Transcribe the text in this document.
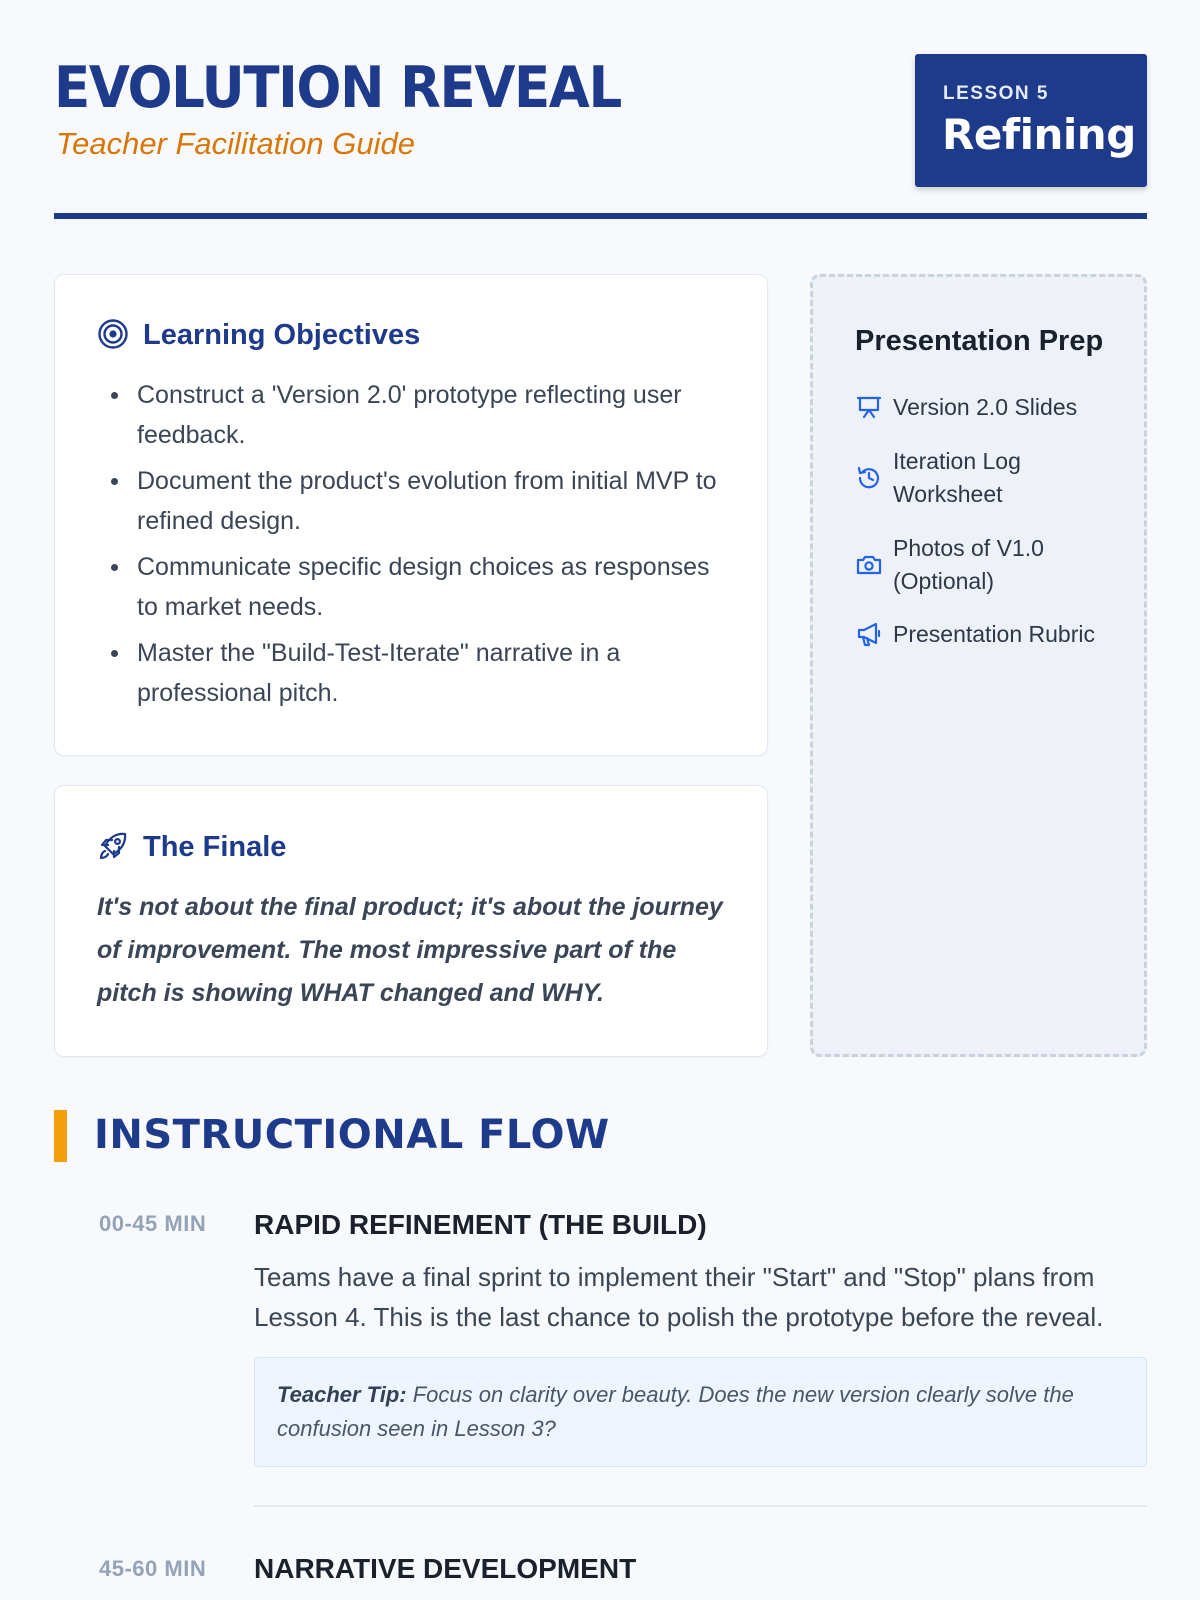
EVOLUTION REVEAL
Teacher Facilitation Guide
LESSON 5
Refining
Learning Objectives
Construct a 'Version 2.0' prototype reflecting user feedback.
Document the product's evolution from initial MVP to refined design.
Communicate specific design choices as responses to market needs.
Master the "Build-Test-Iterate" narrative in a professional pitch.
The Finale
It's not about the final product; it's about the journey of improvement. The most impressive part of the pitch is showing WHAT changed and WHY.
Presentation Prep
Version 2.0 Slides
Iteration Log Worksheet
Photos of V1.0 (Optional)
Presentation Rubric
INSTRUCTIONAL FLOW
00-45 MIN RAPID REFINEMENT (THE BUILD)
Teams have a final sprint to implement their "Start" and "Stop" plans from Lesson 4. This is the last chance to polish the prototype before the reveal.
Teacher Tip: Focus on clarity over beauty. Does the new version clearly solve the confusion seen in Lesson 3?
45-60 MIN NARRATIVE DEVELOPMENT
